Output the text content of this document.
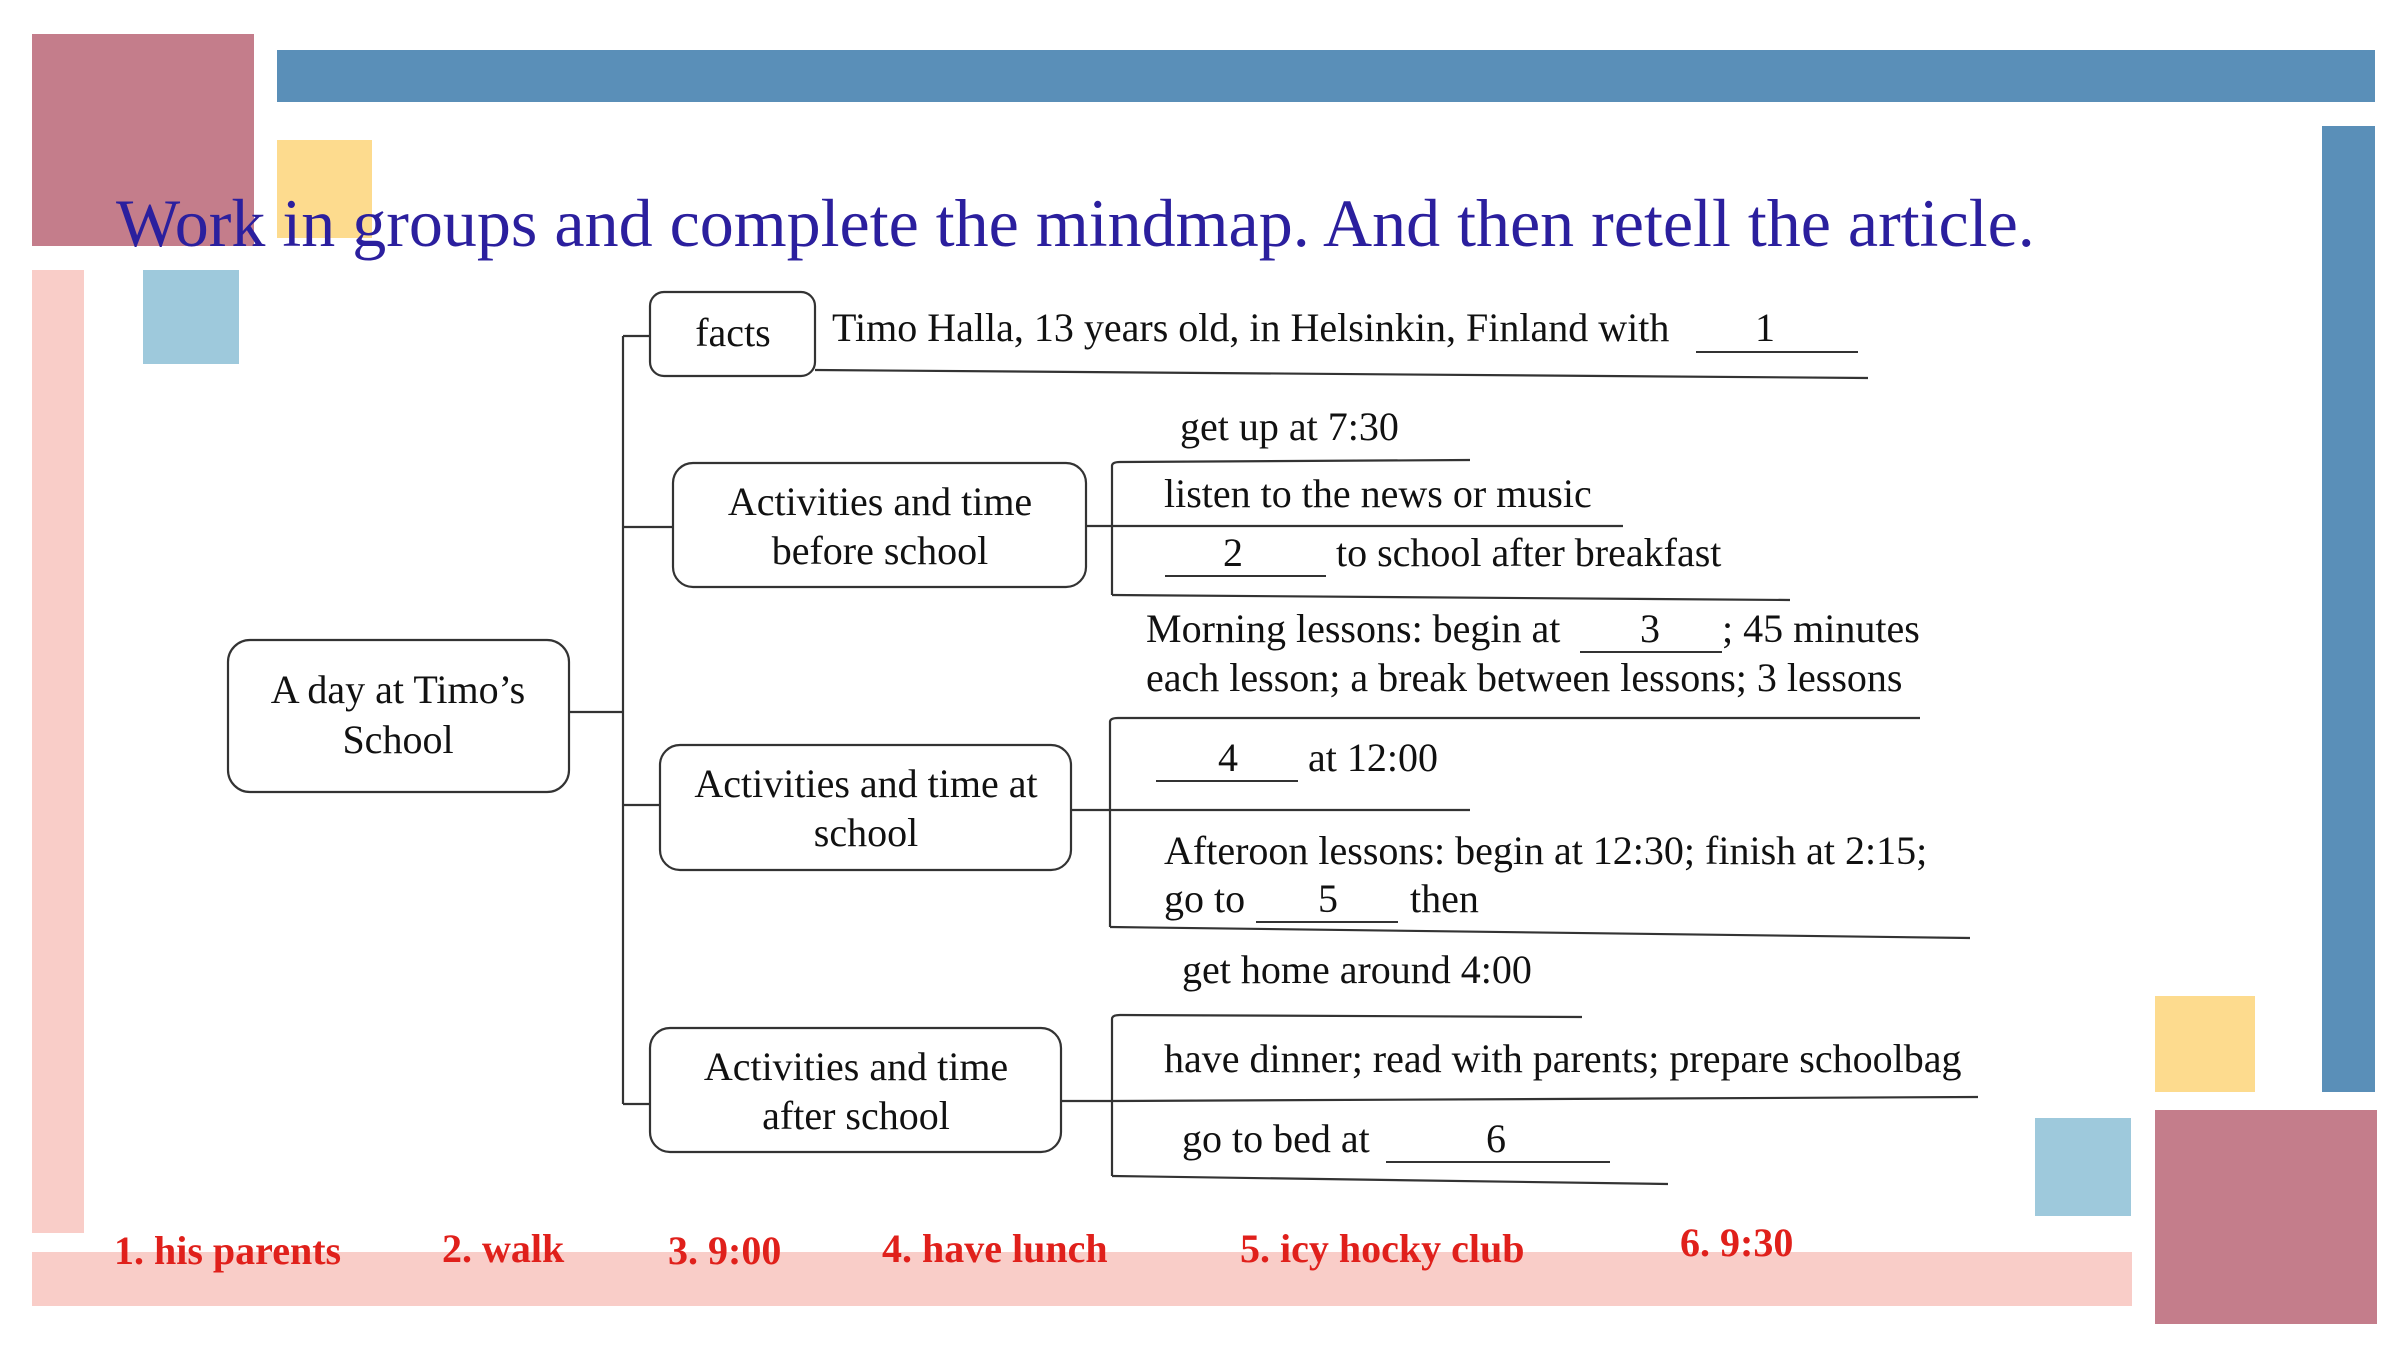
Work in groups and complete the mindmap. And then retell the article.
A day at Timo’s
School
facts
Activities and time
before school
Activities and time at
school
Activities and time
after school
Timo Halla, 13 years old, in Helsinkin, Finland with 1
get up at 7:30
listen to the news or music
2 to school after breakfast
Morning lessons: begin at 3 ; 45 minutes
each lesson; a break between lessons; 3 lessons
4 at 12:00
Afteroon lessons: begin at 12:30; finish at 2:15;
go to 5 then
get home around 4:00
have dinner; read with parents; prepare schoolbag
go to bed at	6
1. his parents	2. walk	3. 9:00	4. have lunch	5. icy hocky club	6. 9:30
